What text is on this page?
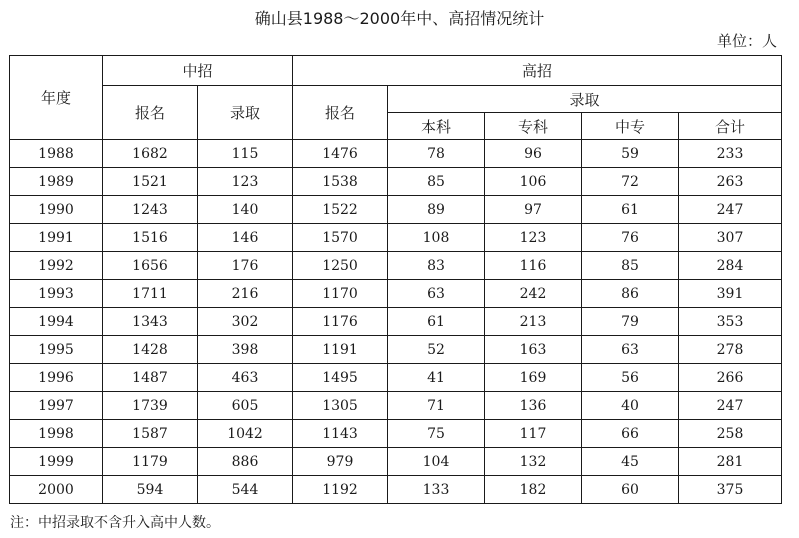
确山县1988～2000年中、高招情况统计
单位：人
年度	中招		高招				
	报名	录取	报名	录取			
				本科	专科	中专	合计
1988	1682	115	1476	78	96	59	233
1989	1521	123	1538	85	106	72	263
1990	1243	140	1522	89	97	61	247
1991	1516	146	1570	108	123	76	307
1992	1656	176	1250	83	116	85	284
1993	1711	216	1170	63	242	86	391
1994	1343	302	1176	61	213	79	353
1995	1428	398	1191	52	163	63	278
1996	1487	463	1495	41	169	56	266
1997	1739	605	1305	71	136	40	247
1998	1587	1042	1143	75	117	66	258
1999	1179	886	979	104	132	45	281
2000	594	544	1192	133	182	60	375
注：中招录取不含升入高中人数。
